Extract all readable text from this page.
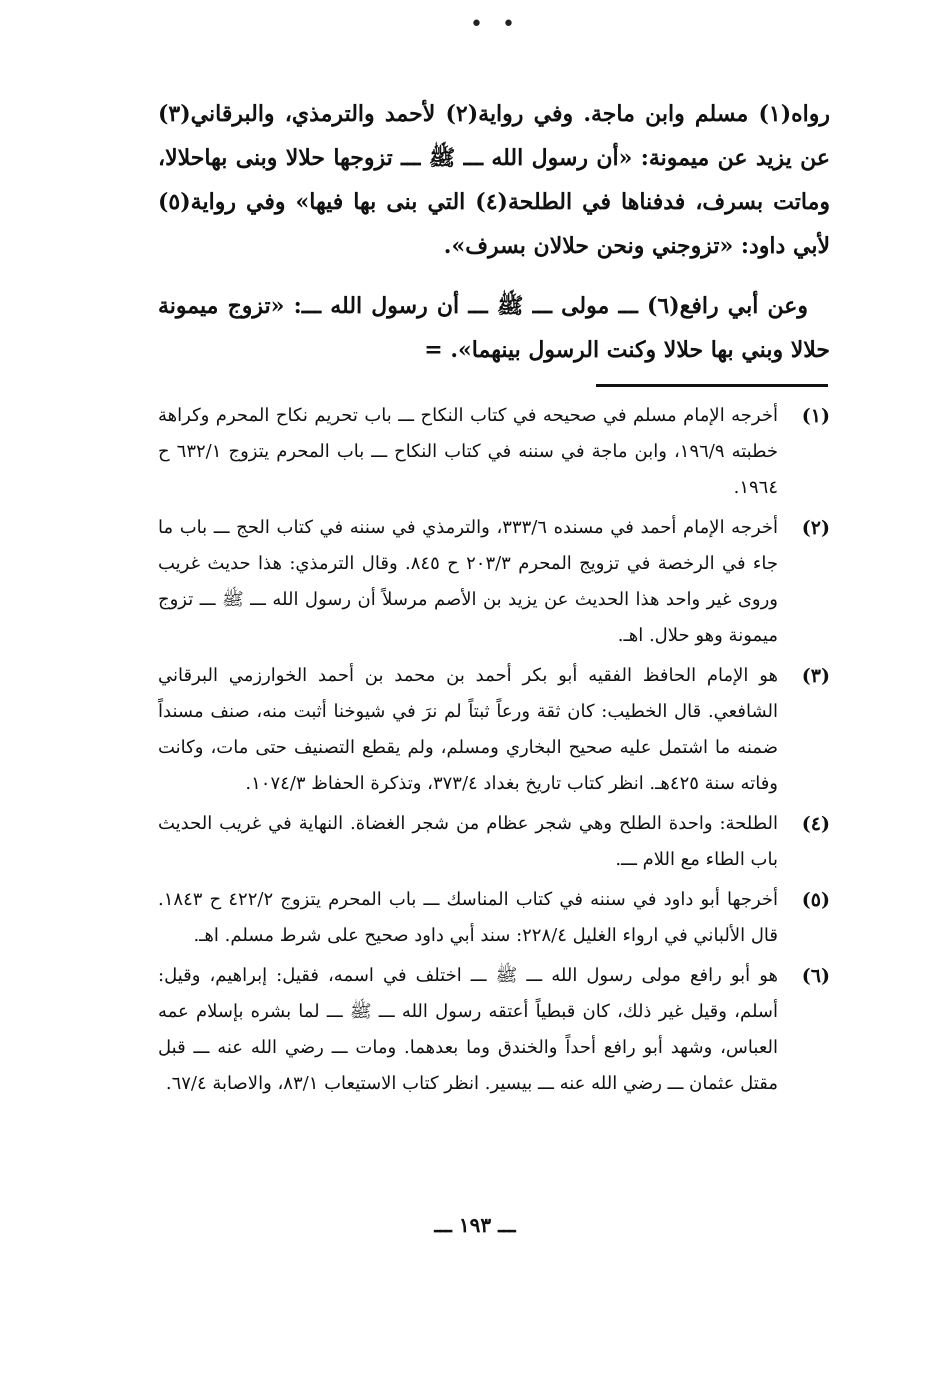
• •

رواه(١) مسلم وابن ماجة. وفي رواية(٢) لأحمد والترمذي، والبرقاني(٣) عن يزيد عن ميمونة: «أن رسول الله ـــ ﷺ ـــ تزوجها حلالا وبنى بهاحلالا، وماتت بسرف، فدفناها في الطلحة(٤) التي بنى بها فيها» وفي رواية(٥) لأبي داود: «تزوجني ونحن حلالان بسرف».

وعن أبي رافع(٦) ـــ مولى ـــ ﷺ ـــ أن رسول الله ـــ: «تزوج ميمونة حلالا وبني بها حلالا وكنت الرسول بينهما». =

(١)
أخرجه الإمام مسلم في صحيحه في كتاب النكاح ـــ باب تحريم نكاح المحرم وكراهة خطبته ١٩٦/٩، وابن ماجة في سننه في كتاب النكاح ـــ باب المحرم يتزوج ٦٣٢/١ ح ١٩٦٤.
(٢)
أخرجه الإمام أحمد في مسنده ٣٣٣/٦، والترمذي في سننه في كتاب الحج ـــ باب ما جاء في الرخصة في تزويج المحرم ٢٠٣/٣ ح ٨٤٥. وقال الترمذي: هذا حديث غريب وروى غير واحد هذا الحديث عن يزيد بن الأصم مرسلاً أن رسول الله ـــ ﷺ ـــ تزوج ميمونة وهو حلال. اهـ.
(٣)
هو الإمام الحافظ الفقيه أبو بكر أحمد بن محمد بن أحمد الخوارزمي البرقاني الشافعي. قال الخطيب: كان ثقة ورعاً ثبتاً لم نرَ في شيوخنا أثبت منه، صنف مسنداً ضمنه ما اشتمل عليه صحيح البخاري ومسلم، ولم يقطع التصنيف حتى مات، وكانت وفاته سنة ٤٢٥هـ. انظر كتاب تاريخ بغداد ٣٧٣/٤، وتذكرة الحفاظ ١٠٧٤/٣.
(٤)
الطلحة: واحدة الطلح وهي شجر عظام من شجر الغضاة. النهاية في غريب الحديث باب الطاء مع اللام ـــ.
(٥)
أخرجها أبو داود في سننه في كتاب المناسك ـــ باب المحرم يتزوج ٤٢٢/٢ ح ١٨٤٣. قال الألباني في ارواء الغليل ٢٢٨/٤: سند أبي داود صحيح على شرط مسلم. اهـ.
(٦)
هو أبو رافع مولى رسول الله ـــ ﷺ ـــ اختلف في اسمه، فقيل: إبراهيم، وقيل: أسلم، وقيل غير ذلك، كان قبطياً أعتقه رسول الله ـــ ﷺ ـــ لما بشره بإسلام عمه العباس، وشهد أبو رافع أحداً والخندق وما بعدهما. ومات ـــ رضي الله عنه ـــ قبل مقتل عثمان ـــ رضي الله عنه ـــ بيسير. انظر كتاب الاستيعاب ٨٣/١، والاصابة ٦٧/٤.
ـــ ١٩٣ ـــ
